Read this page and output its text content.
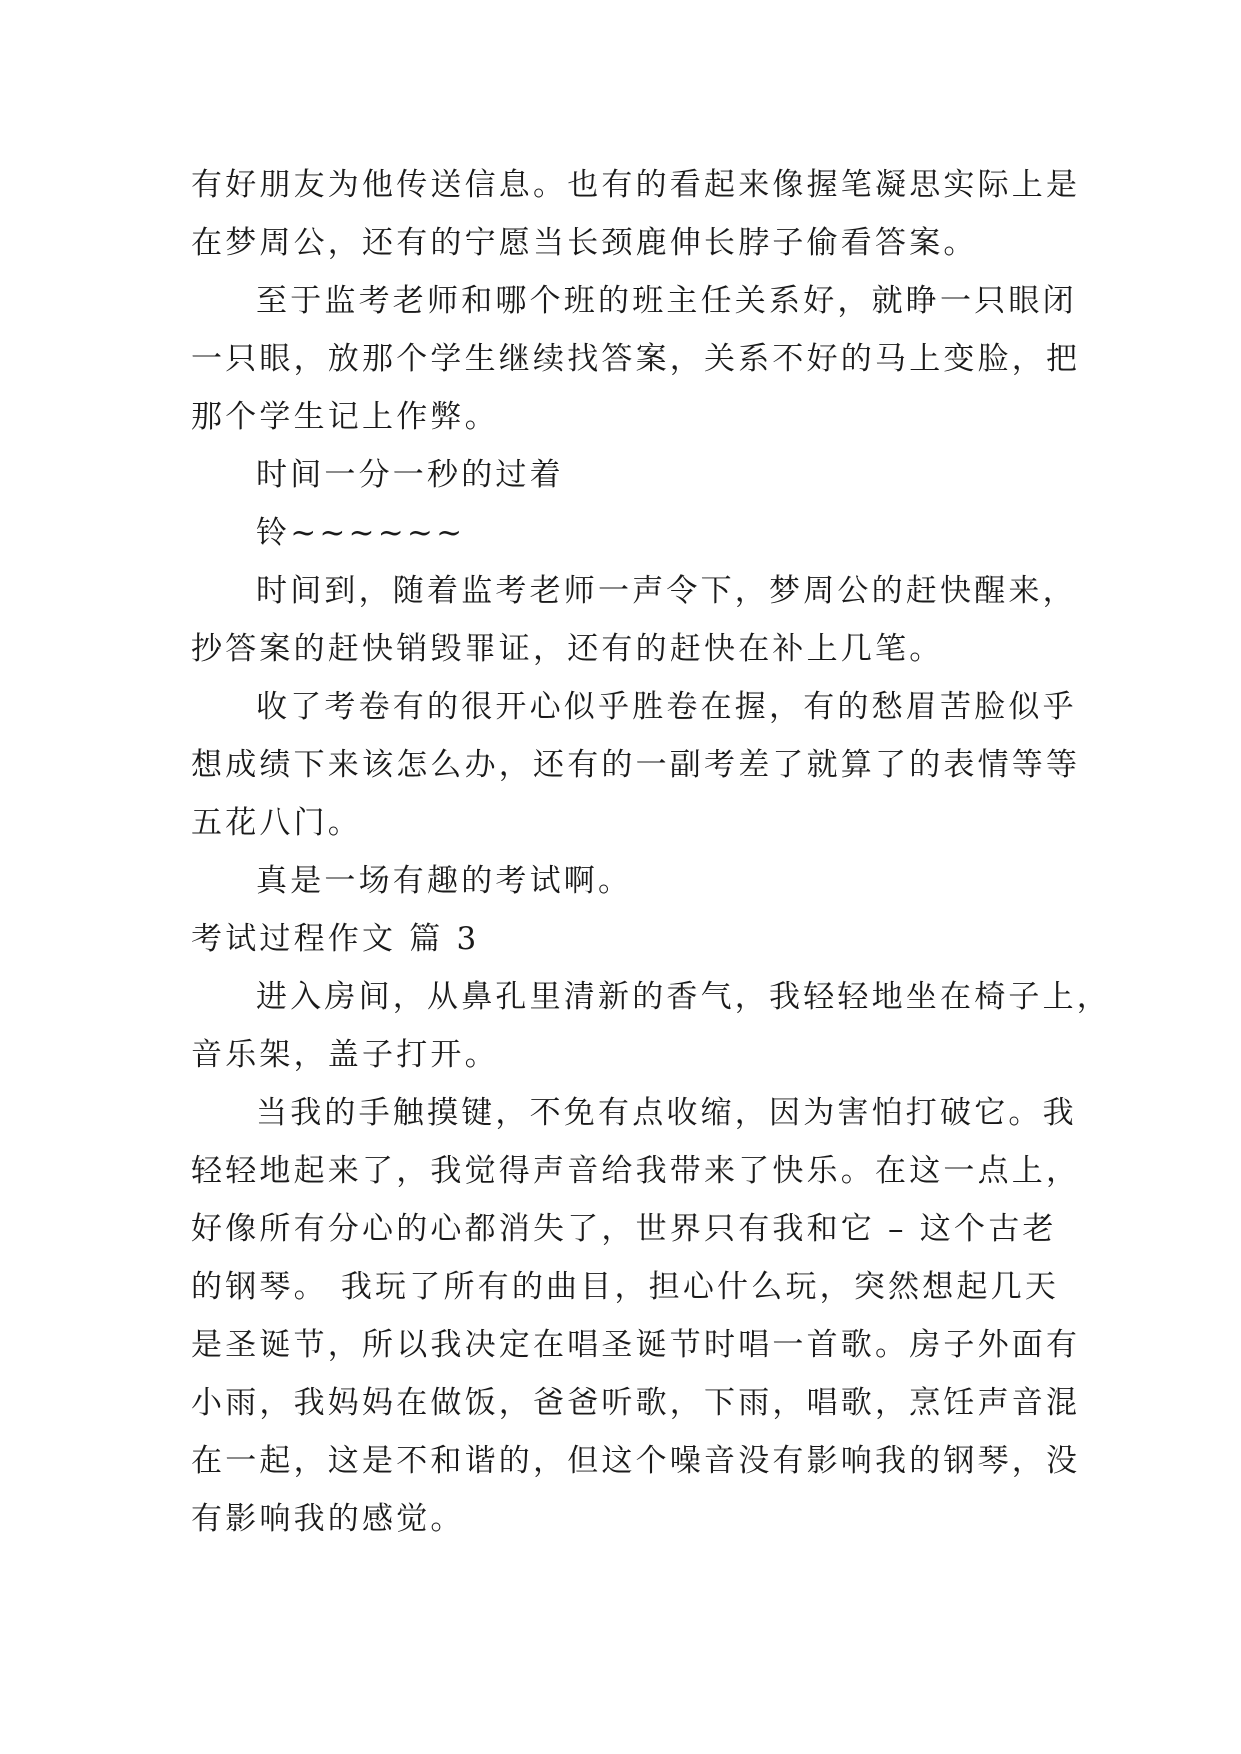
有好朋友为他传送信息。也有的看起来像握笔凝思实际上是
在梦周公，还有的宁愿当长颈鹿伸长脖子偷看答案。
至于监考老师和哪个班的班主任关系好，就睁一只眼闭
一只眼，放那个学生继续找答案，关系不好的马上变脸，把
那个学生记上作弊。
时间一分一秒的过着
铃~~~~~~
时间到，随着监考老师一声令下，梦周公的赶快醒来，
抄答案的赶快销毁罪证，还有的赶快在补上几笔。
收了考卷有的很开心似乎胜卷在握，有的愁眉苦脸似乎
想成绩下来该怎么办，还有的一副考差了就算了的表情等等
五花八门。
真是一场有趣的考试啊。
考试过程作文 篇 3
进入房间，从鼻孔里清新的香气，我轻轻地坐在椅子上，
音乐架，盖子打开。
当我的手触摸键，不免有点收缩，因为害怕打破它。我
轻轻地起来了，我觉得声音给我带来了快乐。在这一点上，
好像所有分心的心都消失了，世界只有我和它 – 这个古老
的钢琴。 我玩了所有的曲目，担心什么玩，突然想起几天
是圣诞节，所以我决定在唱圣诞节时唱一首歌。房子外面有
小雨，我妈妈在做饭，爸爸听歌，下雨，唱歌，烹饪声音混
在一起，这是不和谐的，但这个噪音没有影响我的钢琴，没
有影响我的感觉。
